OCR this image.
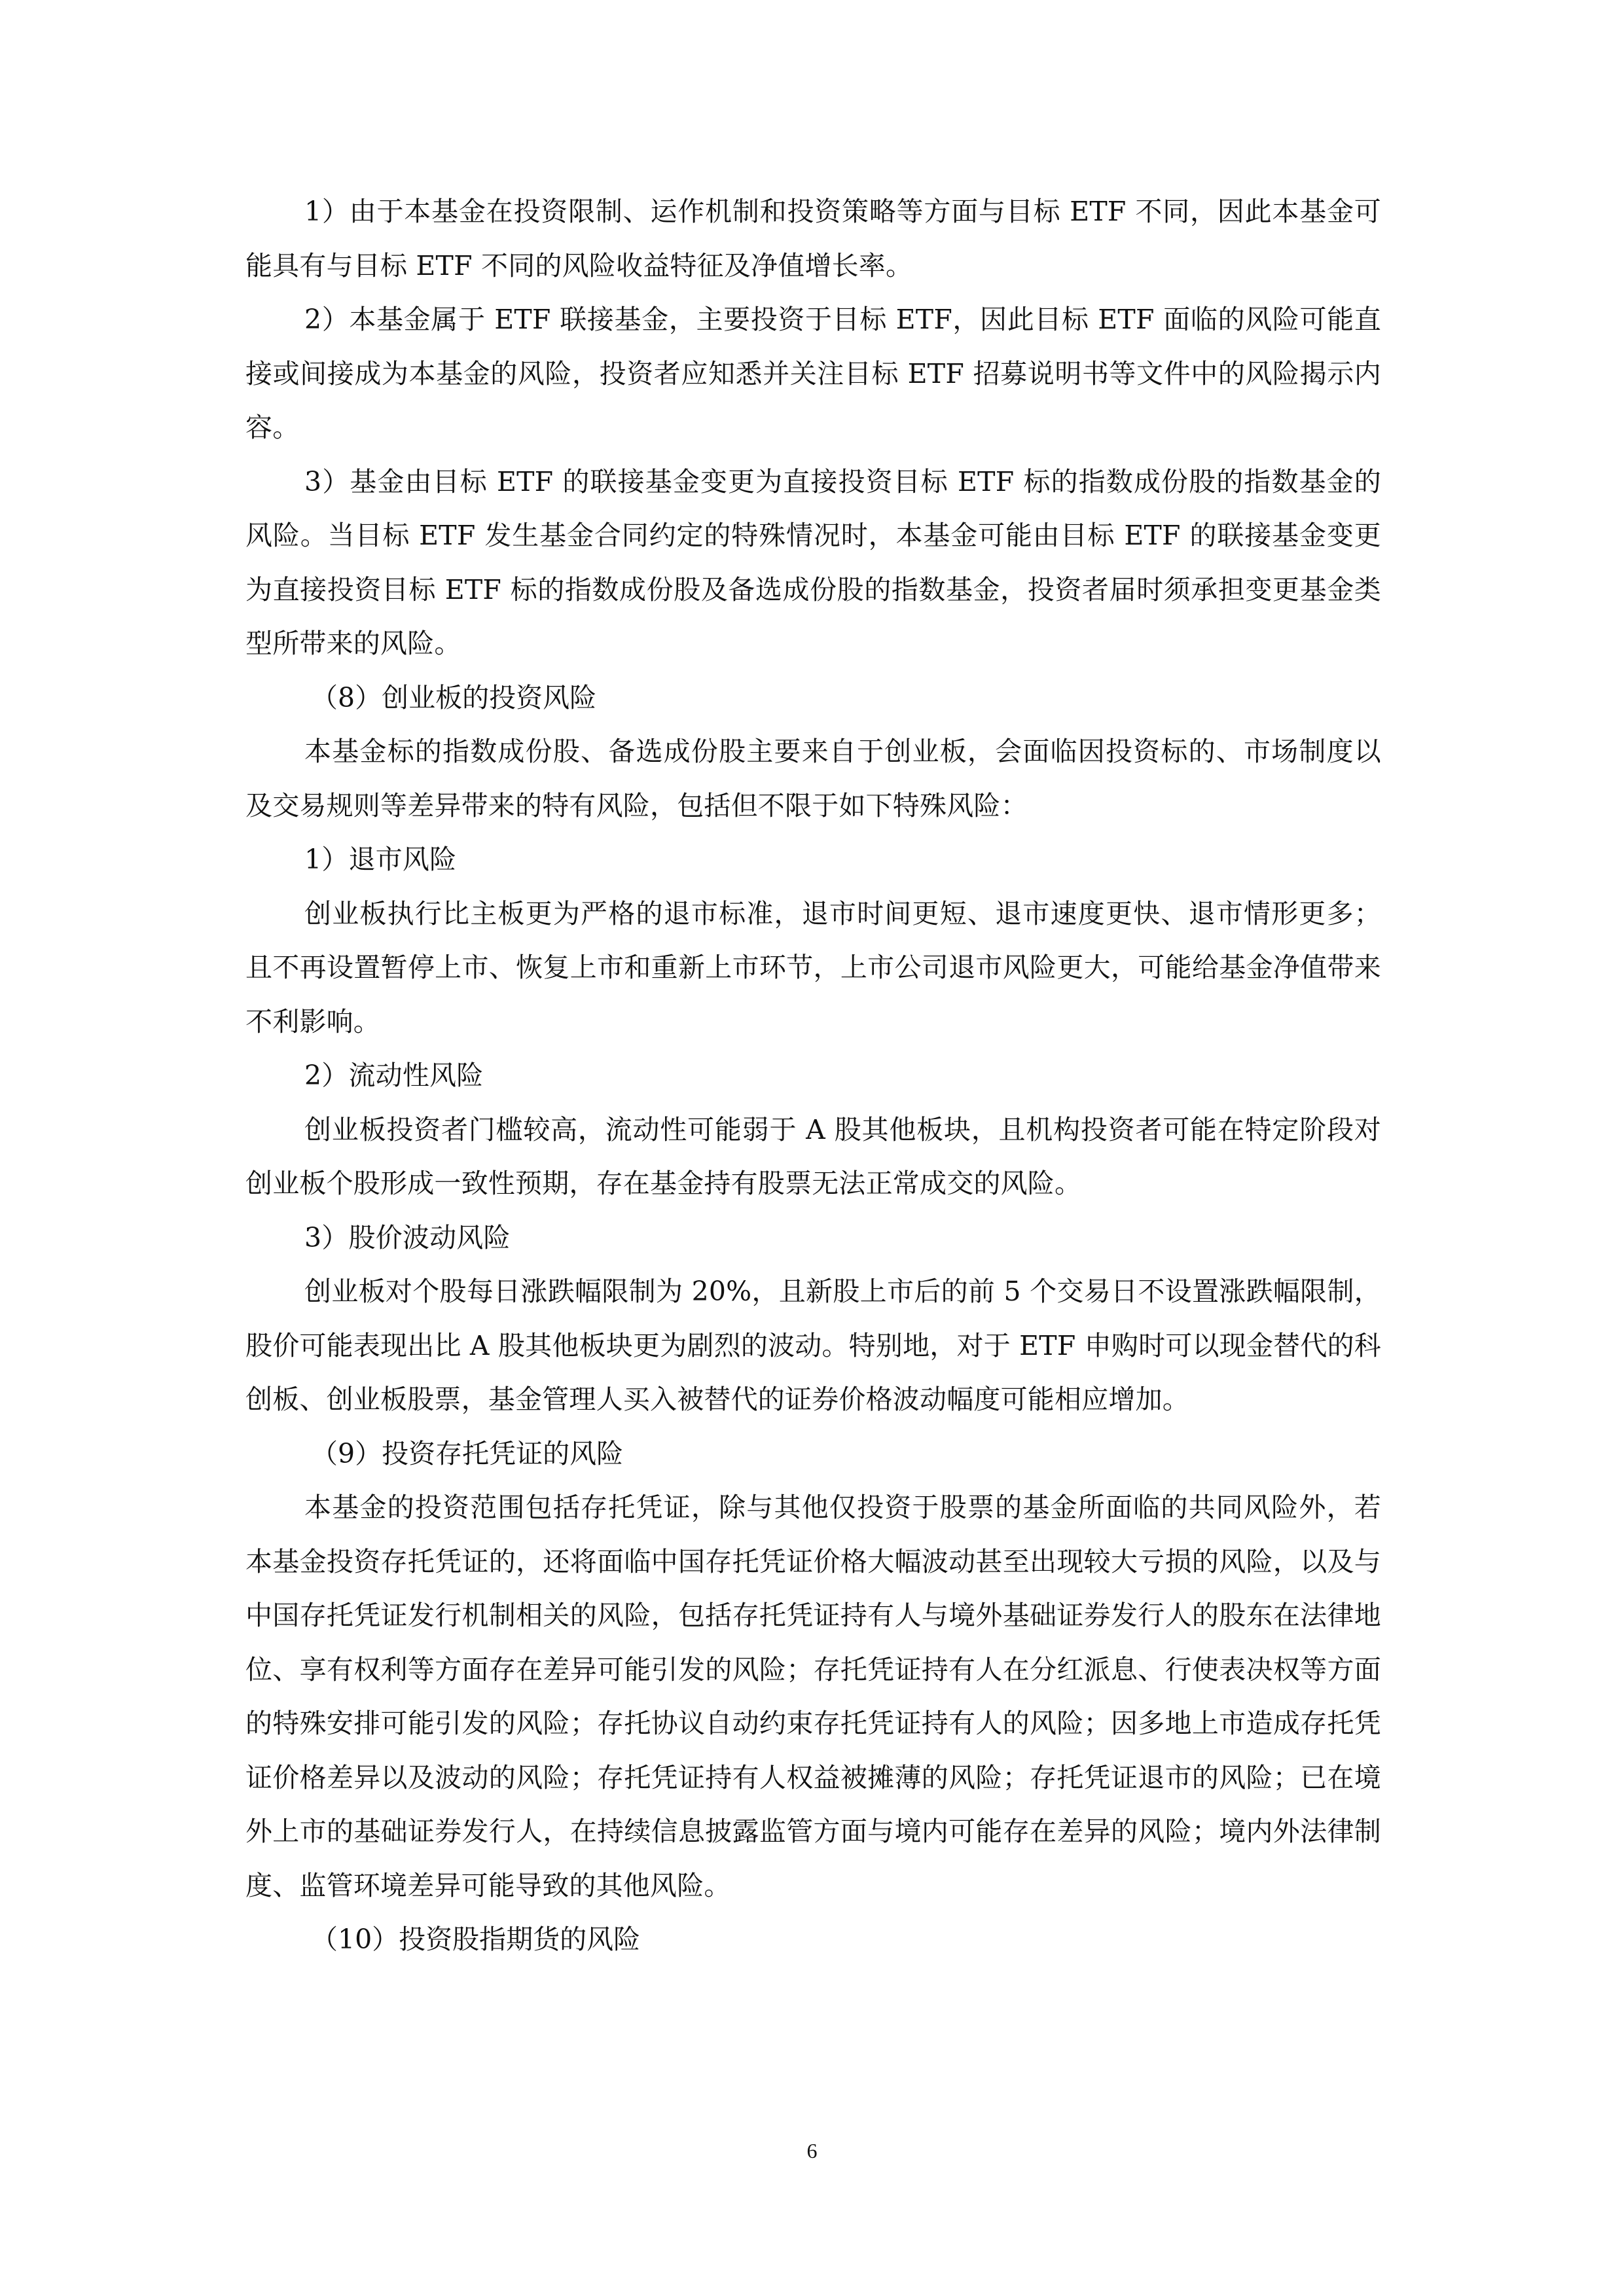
1）由于本基金在投资限制、运作机制和投资策略等方面与目标 ETF 不同，因此本基金可能具有与目标 ETF 不同的风险收益特征及净值增长率。

2）本基金属于 ETF 联接基金，主要投资于目标 ETF，因此目标 ETF 面临的风险可能直接或间接成为本基金的风险，投资者应知悉并关注目标 ETF 招募说明书等文件中的风险揭示内容。

3）基金由目标 ETF 的联接基金变更为直接投资目标 ETF 标的指数成份股的指数基金的风险。当目标 ETF 发生基金合同约定的特殊情况时，本基金可能由目标 ETF 的联接基金变更为直接投资目标 ETF 标的指数成份股及备选成份股的指数基金，投资者届时须承担变更基金类型所带来的风险。

（8）创业板的投资风险

本基金标的指数成份股、备选成份股主要来自于创业板，会面临因投资标的、市场制度以及交易规则等差异带来的特有风险，包括但不限于如下特殊风险：

1）退市风险

创业板执行比主板更为严格的退市标准，退市时间更短、退市速度更快、退市情形更多；且不再设置暂停上市、恢复上市和重新上市环节，上市公司退市风险更大，可能给基金净值带来不利影响。

2）流动性风险

创业板投资者门槛较高，流动性可能弱于 A 股其他板块，且机构投资者可能在特定阶段对创业板个股形成一致性预期，存在基金持有股票无法正常成交的风险。

3）股价波动风险

创业板对个股每日涨跌幅限制为 20%，且新股上市后的前 5 个交易日不设置涨跌幅限制，股价可能表现出比 A 股其他板块更为剧烈的波动。特别地，对于 ETF 申购时可以现金替代的科创板、创业板股票，基金管理人买入被替代的证券价格波动幅度可能相应增加。

（9）投资存托凭证的风险

本基金的投资范围包括存托凭证，除与其他仅投资于股票的基金所面临的共同风险外，若本基金投资存托凭证的，还将面临中国存托凭证价格大幅波动甚至出现较大亏损的风险，以及与中国存托凭证发行机制相关的风险，包括存托凭证持有人与境外基础证券发行人的股东在法律地位、享有权利等方面存在差异可能引发的风险；存托凭证持有人在分红派息、行使表决权等方面的特殊安排可能引发的风险；存托协议自动约束存托凭证持有人的风险；因多地上市造成存托凭证价格差异以及波动的风险；存托凭证持有人权益被摊薄的风险；存托凭证退市的风险；已在境外上市的基础证券发行人，在持续信息披露监管方面与境内可能存在差异的风险；境内外法律制度、监管环境差异可能导致的其他风险。

（10）投资股指期货的风险

6
